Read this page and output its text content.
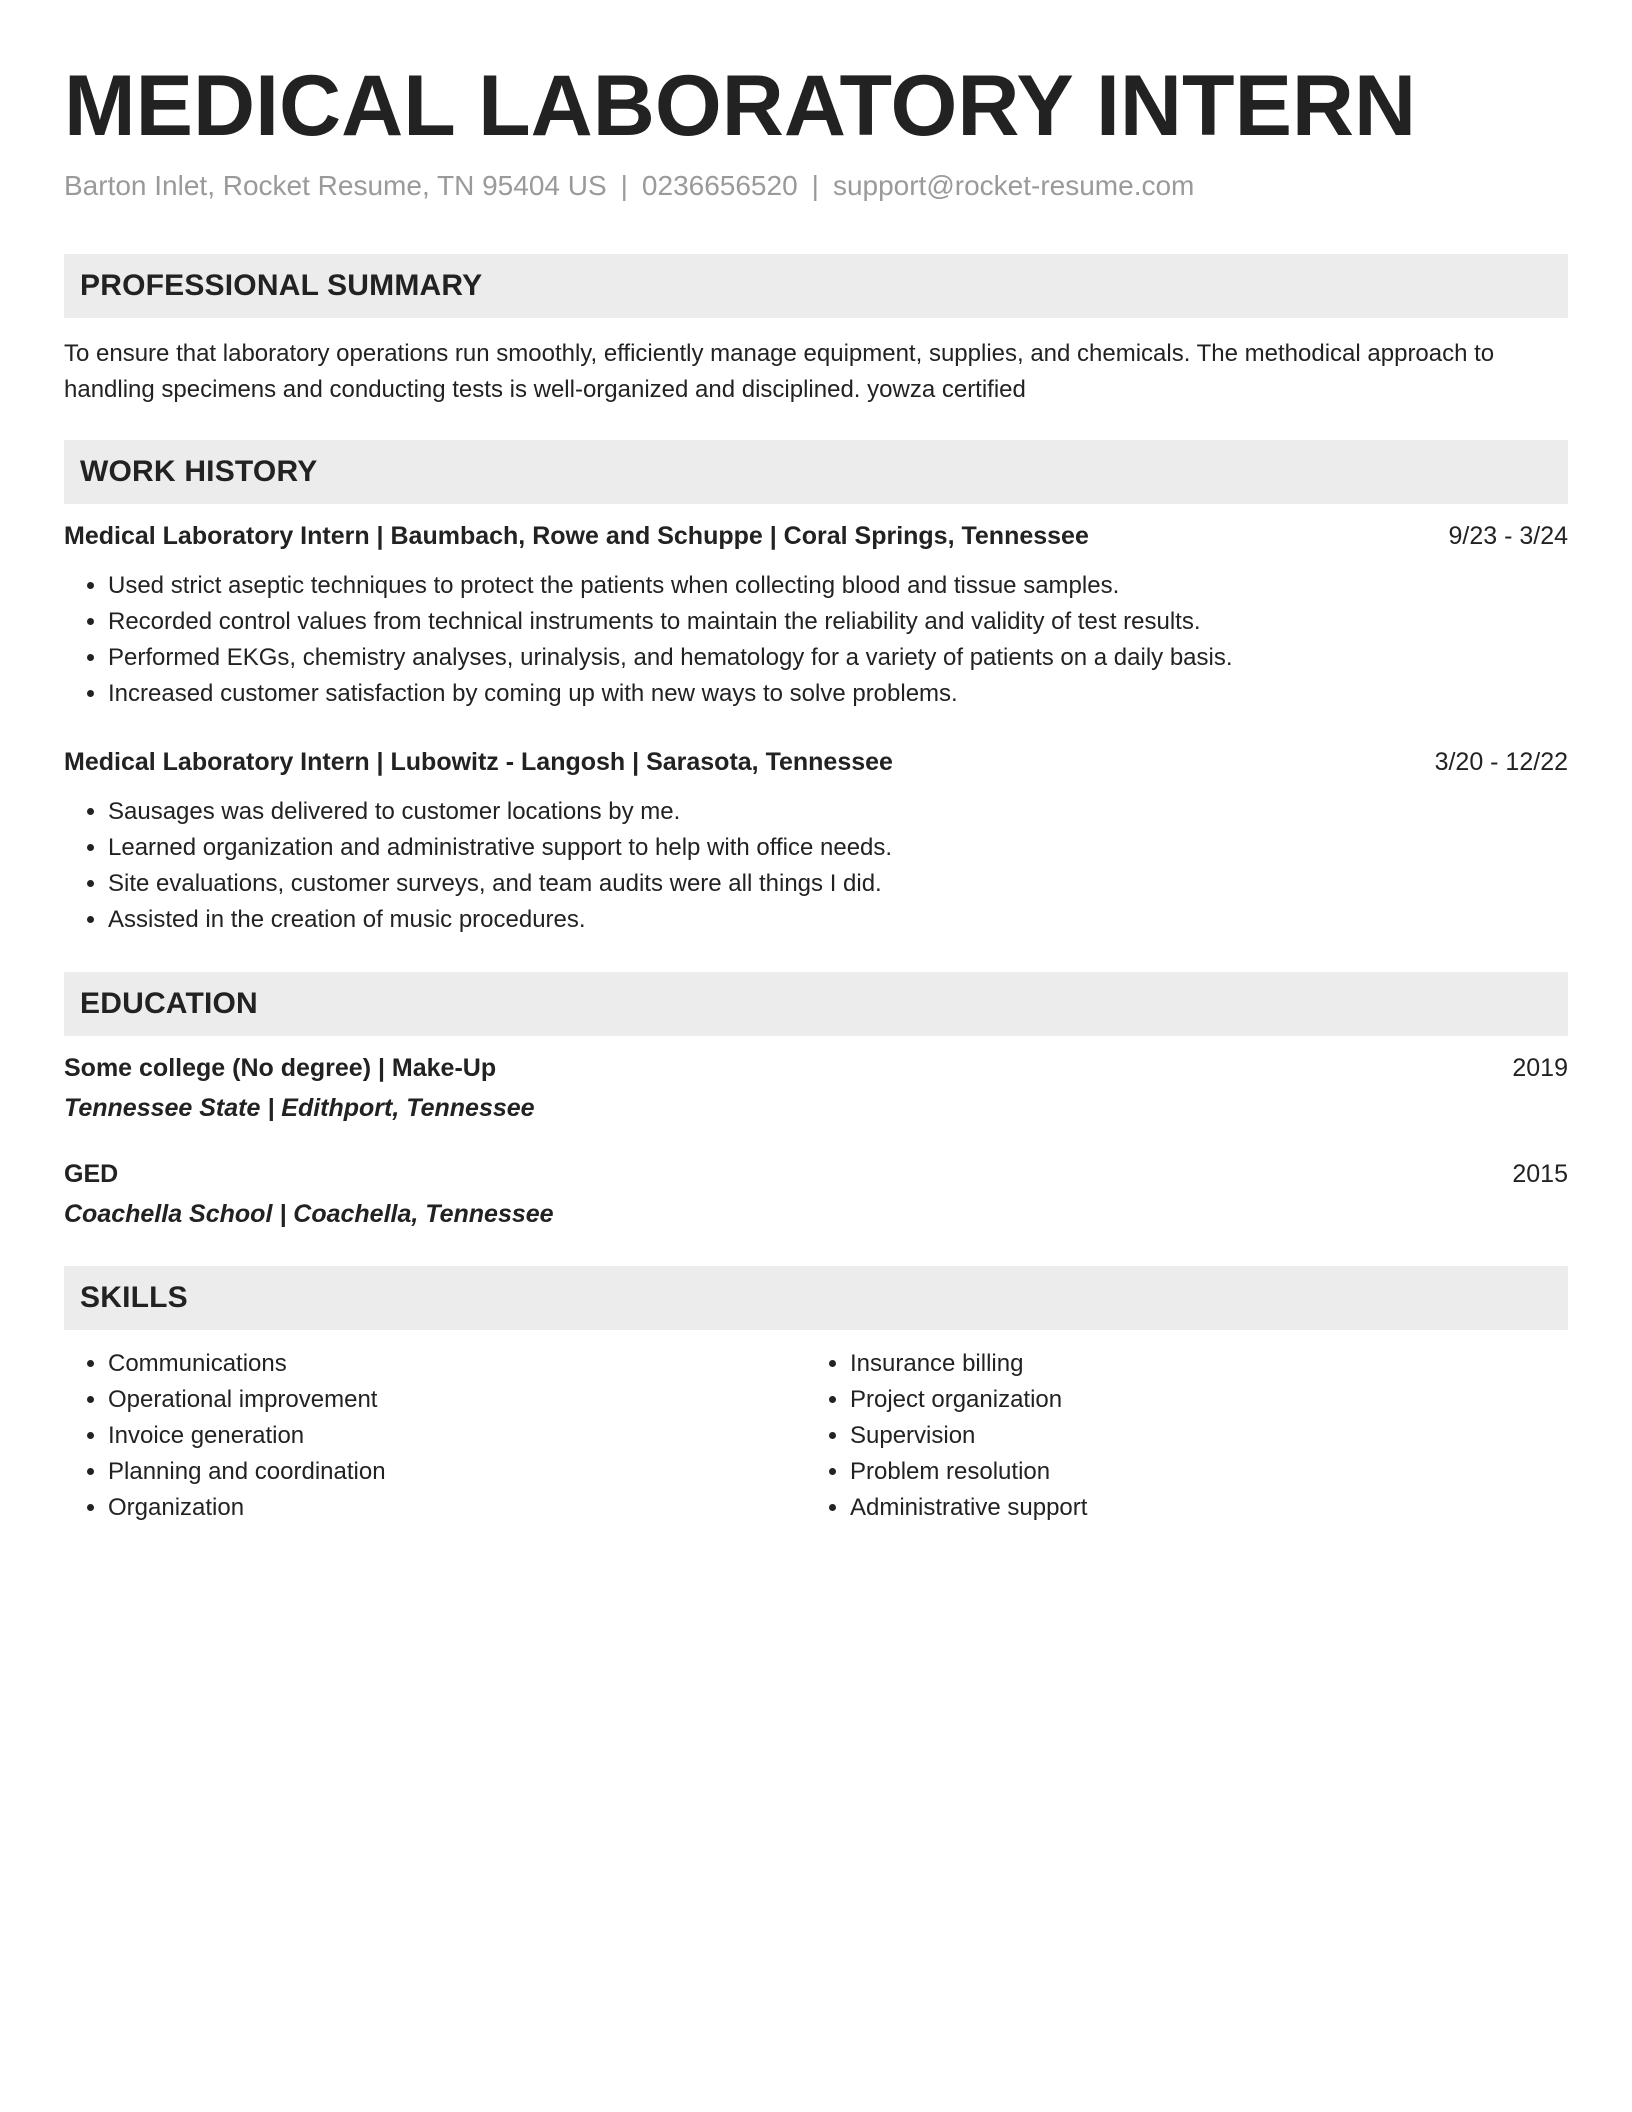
MEDICAL LABORATORY INTERN
Barton Inlet, Rocket Resume, TN 95404 US | 0236656520 | support@rocket-resume.com
PROFESSIONAL SUMMARY

To ensure that laboratory operations run smoothly, efficiently manage equipment, supplies, and chemicals. The methodical approach to handling specimens and conducting tests is well-organized and disciplined. yowza certified

WORK HISTORY
Medical Laboratory Intern | Baumbach, Rowe and Schuppe | Coral Springs, Tennessee	9/23 - 3/24
• Used strict aseptic techniques to protect the patients when collecting blood and tissue samples.
• Recorded control values from technical instruments to maintain the reliability and validity of test results.
• Performed EKGs, chemistry analyses, urinalysis, and hematology for a variety of patients on a daily basis.
• Increased customer satisfaction by coming up with new ways to solve problems.
Medical Laboratory Intern | Lubowitz - Langosh | Sarasota, Tennessee	3/20 - 12/22
• Sausages was delivered to customer locations by me.
• Learned organization and administrative support to help with office needs.
• Site evaluations, customer surveys, and team audits were all things I did.
• Assisted in the creation of music procedures.
EDUCATION
Some college (No degree) | Make-Up	2019
Tennessee State | Edithport, Tennessee
GED	2015
Coachella School | Coachella, Tennessee
SKILLS
• Communications
• Operational improvement
• Invoice generation
• Planning and coordination
• Organization
• Insurance billing
• Project organization
• Supervision
• Problem resolution
• Administrative support
